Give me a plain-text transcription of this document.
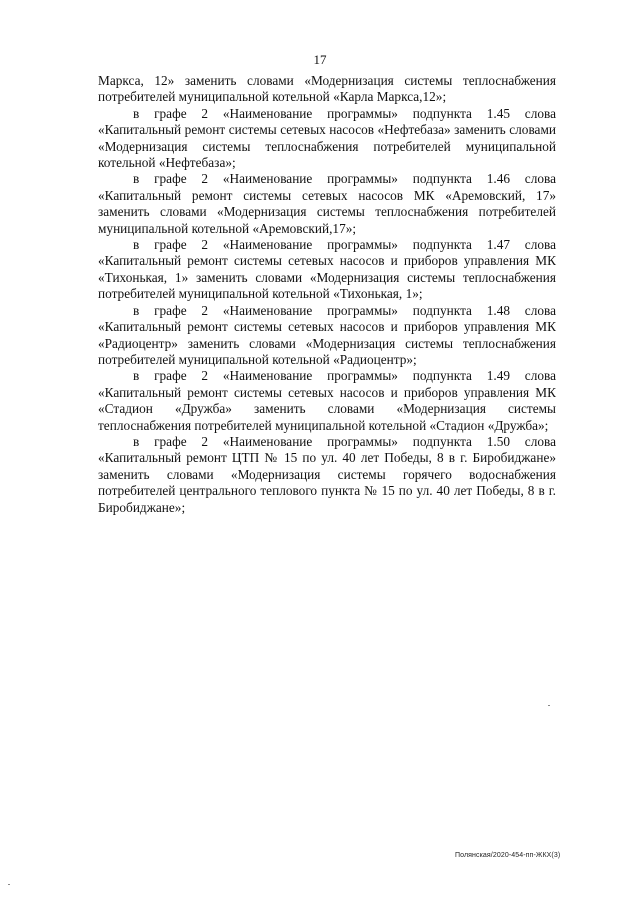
17

Маркса, 12» заменить словами «Модернизация системы теплоснабжения потребителей муниципальной котельной «Карла Маркса,12»;

в графе 2 «Наименование программы» подпункта 1.45 слова «Капитальный ремонт системы сетевых насосов «Нефтебаза» заменить словами «Модернизация системы теплоснабжения потребителей муниципальной котельной «Нефтебаза»;

в графе 2 «Наименование программы» подпункта 1.46 слова «Капитальный ремонт системы сетевых насосов МК «Аремовский, 17» заменить словами «Модернизация системы теплоснабжения потребителей муниципальной котельной «Аремовский,17»;

в графе 2 «Наименование программы» подпункта 1.47 слова «Капитальный ремонт системы сетевых насосов и приборов управления МК «Тихонькая, 1» заменить словами «Модернизация системы теплоснабжения потребителей муниципальной котельной «Тихонькая, 1»;

в графе 2 «Наименование программы» подпункта 1.48 слова «Капитальный ремонт системы сетевых насосов и приборов управления МК «Радиоцентр» заменить словами «Модернизация системы теплоснабжения потребителей муниципальной котельной «Радиоцентр»;

в графе 2 «Наименование программы» подпункта 1.49 слова «Капитальный ремонт системы сетевых насосов и приборов управления МК «Стадион «Дружба» заменить словами «Модернизация системы теплоснабжения потребителей муниципальной котельной «Стадион «Дружба»;

в графе 2 «Наименование программы» подпункта 1.50 слова «Капитальный ремонт ЦТП № 15 по ул. 40 лет Победы, 8 в г. Биробиджане» заменить словами «Модернизация системы горячего водоснабжения потребителей центрального теплового пункта № 15 по ул. 40 лет Победы, 8 в г. Биробиджане»;

Полянская/2020-454-пп-ЖКХ(3)
